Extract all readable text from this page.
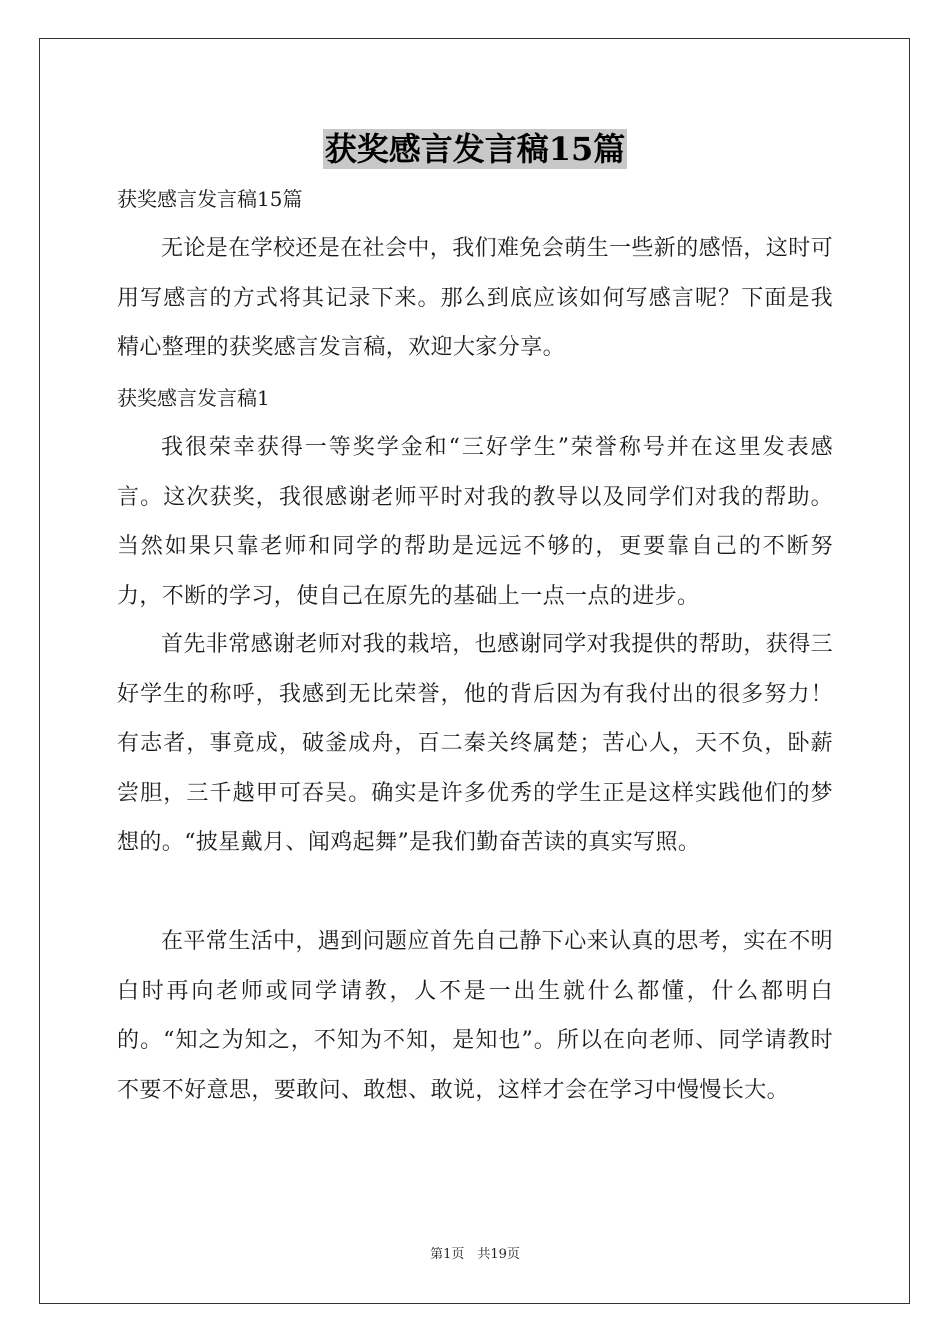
获奖感言发言稿15篇
获奖感言发言稿15篇

无论是在学校还是在社会中，我们难免会萌生一些新的感悟，这时可用写感言的方式将其记录下来。那么到底应该如何写感言呢？下面是我精心整理的获奖感言发言稿，欢迎大家分享。

获奖感言发言稿1

我很荣幸获得一等奖学金和“三好学生”荣誉称号并在这里发表感言。这次获奖，我很感谢老师平时对我的教导以及同学们对我的帮助。当然如果只靠老师和同学的帮助是远远不够的，更要靠自己的不断努力，不断的学习，使自己在原先的基础上一点一点的进步。

首先非常感谢老师对我的栽培，也感谢同学对我提供的帮助，获得三好学生的称呼，我感到无比荣誉，他的背后因为有我付出的很多努力！有志者，事竟成，破釜成舟，百二秦关终属楚；苦心人，天不负，卧薪尝胆，三千越甲可吞吴。确实是许多优秀的学生正是这样实践他们的梦想的。“披星戴月、闻鸡起舞”是我们勤奋苦读的真实写照。

在平常生活中，遇到问题应首先自己静下心来认真的思考，实在不明白时再向老师或同学请教，人不是一出生就什么都懂，什么都明白的。“知之为知之，不知为不知，是知也”。所以在向老师、同学请教时不要不好意思，要敢问、敢想、敢说，这样才会在学习中慢慢长大。

第1页　共19页
